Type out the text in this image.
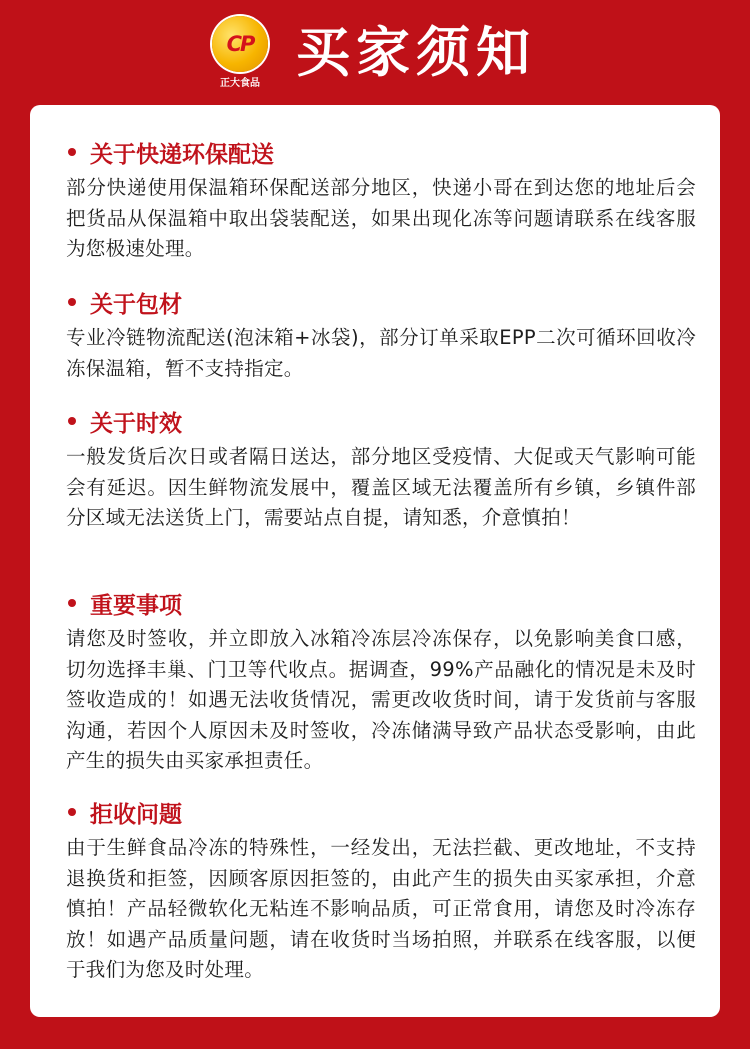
CP
正大食品 买家须知
关于快递环保配送
部分快递使用保温箱环保配送部分地区，快递小哥在到达您的地址后会把货品从保温箱中取出袋装配送，如果出现化冻等问题请联系在线客服为您极速处理。
关于包材
专业冷链物流配送(泡沫箱+冰袋)，部分订单采取EPP二次可循环回收冷冻保温箱，暂不支持指定。
关于时效
一般发货后次日或者隔日送达，部分地区受疫情、大促或天气影响可能会有延迟。因生鲜物流发展中，覆盖区域无法覆盖所有乡镇，乡镇件部分区域无法送货上门，需要站点自提，请知悉，介意慎拍！
重要事项
请您及时签收，并立即放入冰箱冷冻层冷冻保存，以免影响美食口感，切勿选择丰巢、门卫等代收点。据调查，99%产品融化的情况是未及时签收造成的！如遇无法收货情况，需更改收货时间，请于发货前与客服沟通，若因个人原因未及时签收，冷冻储满导致产品状态受影响，由此产生的损失由买家承担责任。
拒收问题
由于生鲜食品冷冻的特殊性，一经发出，无法拦截、更改地址，不支持退换货和拒签，因顾客原因拒签的，由此产生的损失由买家承担，介意慎拍！产品轻微软化无粘连不影响品质，可正常食用，请您及时冷冻存放！如遇产品质量问题，请在收货时当场拍照，并联系在线客服，以便于我们为您及时处理。
